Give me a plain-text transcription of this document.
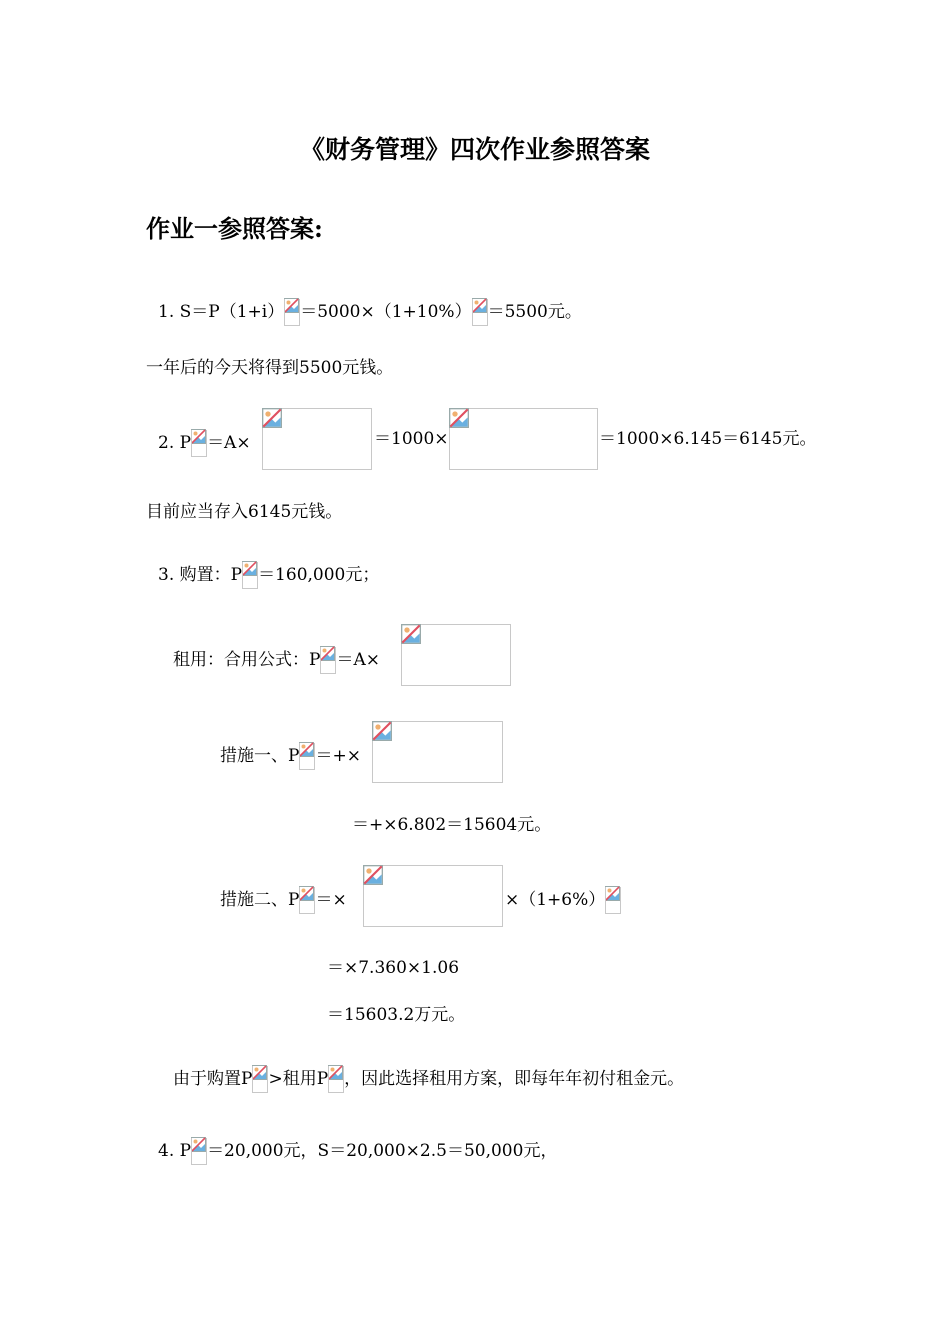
《财务管理》四次作业参照答案
作业一参照答案:
1. S＝P（1+i） ＝5000×（1+10%） ＝5500元。
一年后的今天将得到5500元钱。
2. P ＝A×	＝1000×	＝1000×6.145＝6145元。
目前应当存入6145元钱。
3. 购置：P ＝160,000元；
租用：合用公式：P ＝A×
措施一、P ＝+×
＝+×6.802＝15604元。
措施二、P ＝×	×（1+6%）
＝×7.360×1.06
＝15603.2万元。
由于购置P >租用P ，因此选择租用方案，即每年年初付租金元。
4. P ＝20,000元，S＝20,000×2.5＝50,000元，
